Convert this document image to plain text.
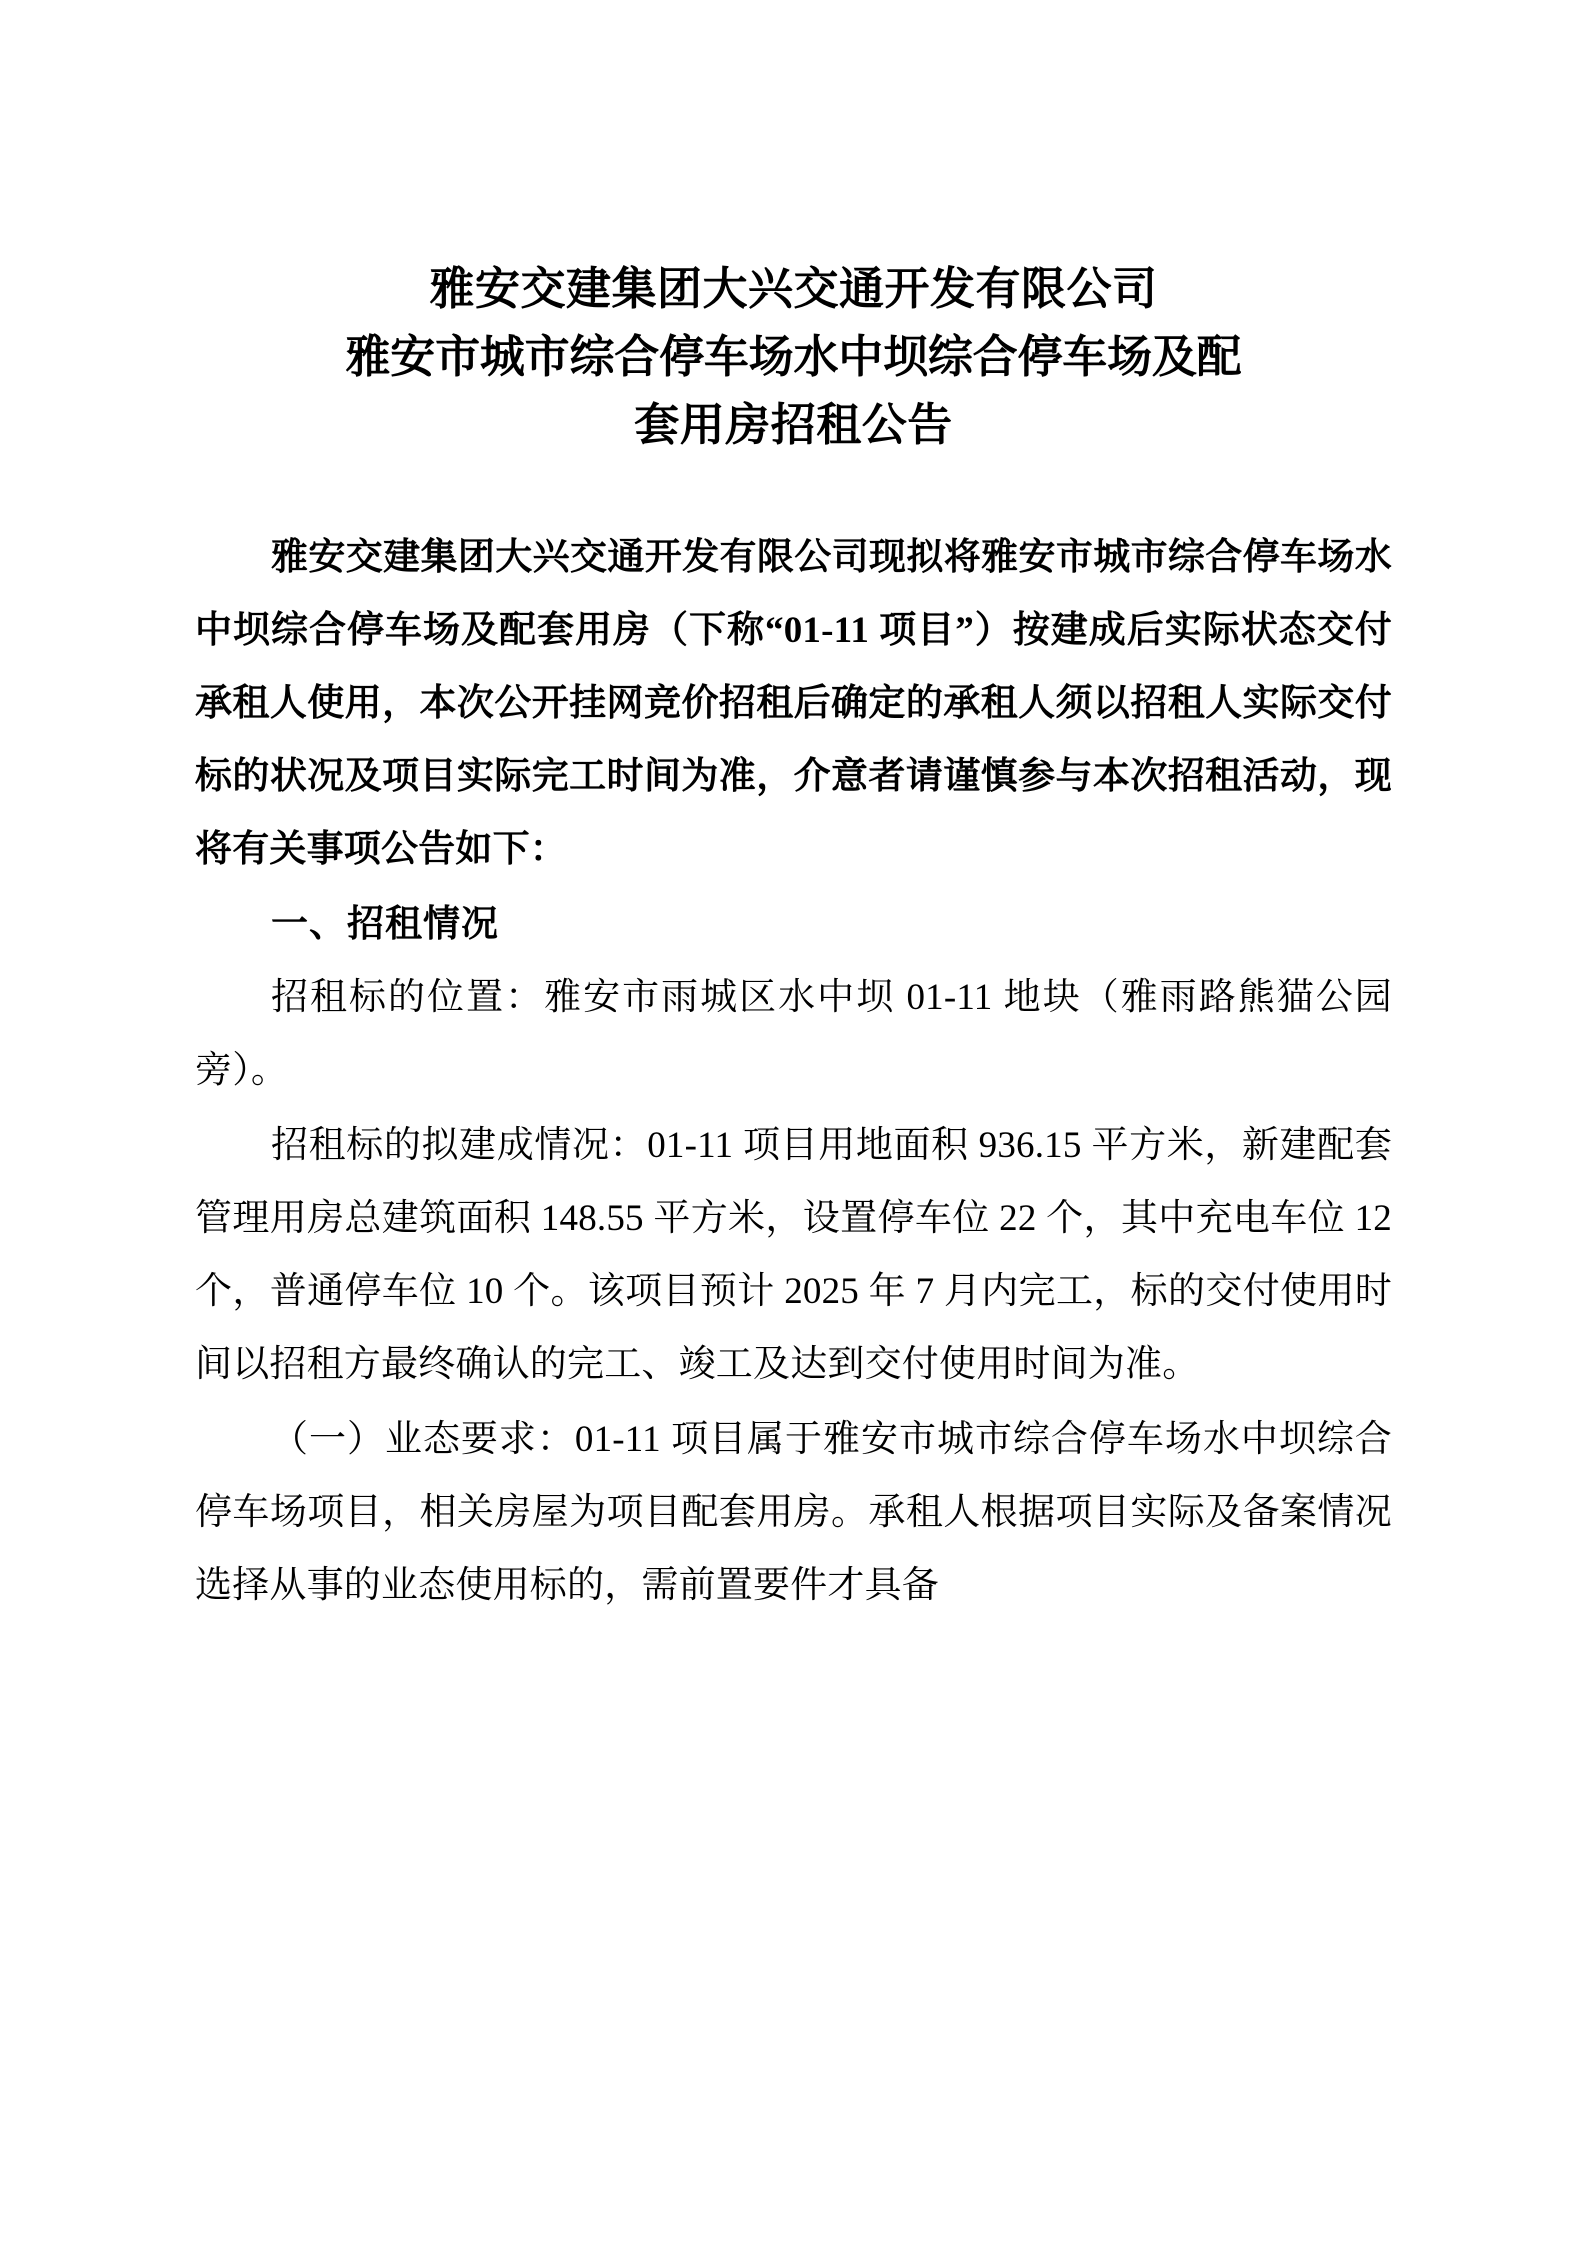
雅安交建集团大兴交通开发有限公司
雅安市城市综合停车场水中坝综合停车场及配
套用房招租公告

雅安交建集团大兴交通开发有限公司现拟将雅安市城市综合停车场水中坝综合停车场及配套用房（下称“01-11 项目”）按建成后实际状态交付承租人使用，本次公开挂网竞价招租后确定的承租人须以招租人实际交付标的状况及项目实际完工时间为准，介意者请谨慎参与本次招租活动，现将有关事项公告如下：

一、招租情况

招租标的位置：雅安市雨城区水中坝 01-11 地块（雅雨路熊猫公园旁）。

招租标的拟建成情况：01-11 项目用地面积 936.15 平方米，新建配套管理用房总建筑面积 148.55 平方米，设置停车位 22 个，其中充电车位 12 个，普通停车位 10 个。该项目预计 2025 年 7 月内完工，标的交付使用时间以招租方最终确认的完工、竣工及达到交付使用时间为准。

（一）业态要求：01-11 项目属于雅安市城市综合停车场水中坝综合停车场项目，相关房屋为项目配套用房。承租人根据项目实际及备案情况选择从事的业态使用标的，需前置要件才具备
